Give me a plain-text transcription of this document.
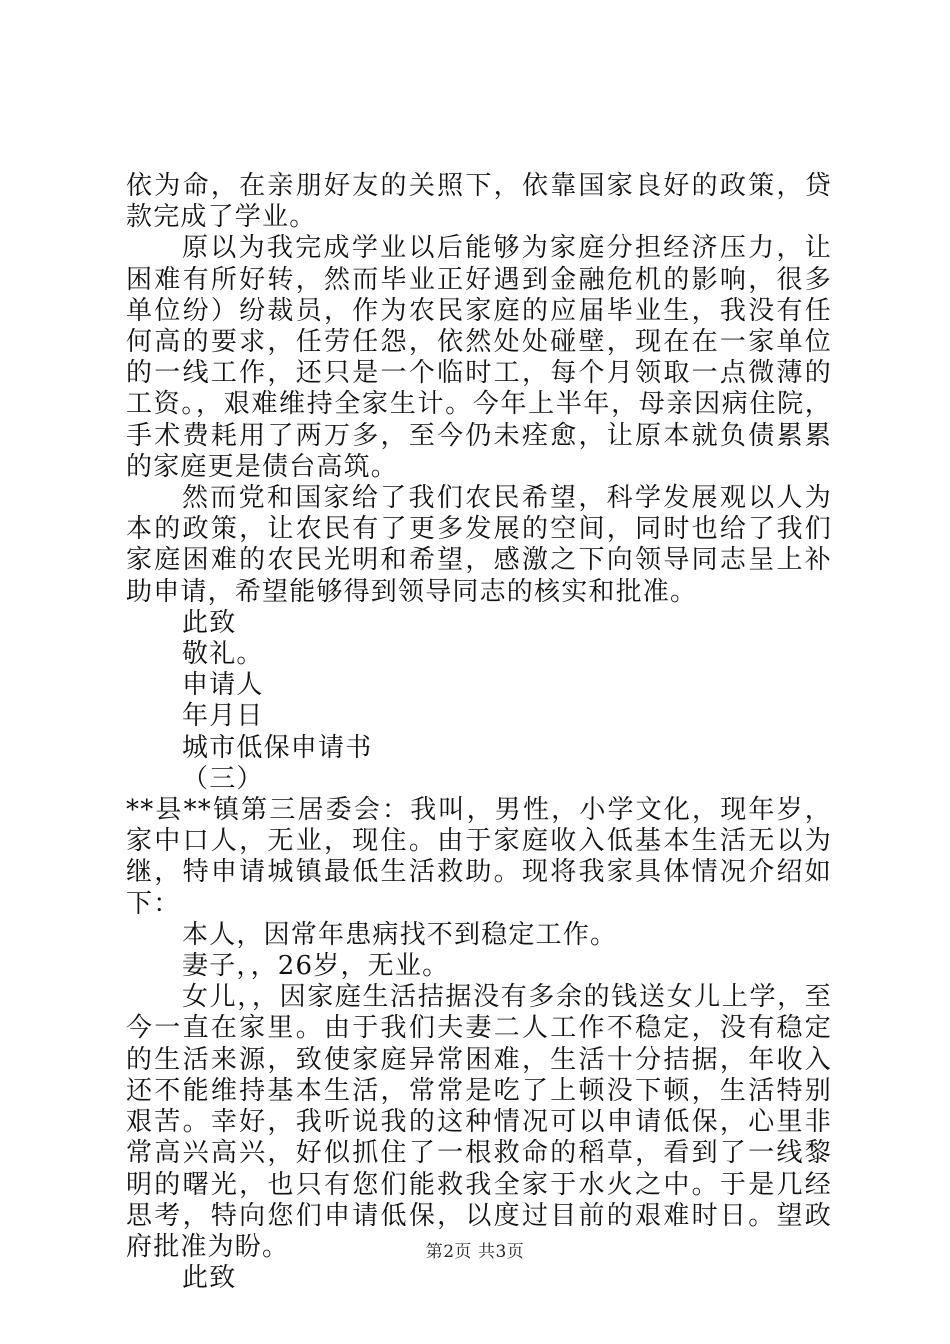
依为命，在亲朋好友的关照下，依靠国家良好的政策，贷款完成了学业。

原以为我完成学业以后能够为家庭分担经济压力，让困难有所好转，然而毕业正好遇到金融危机的影响，很多单位纷）纷裁员，作为农民家庭的应届毕业生，我没有任何高的要求，任劳任怨，依然处处碰壁，现在在一家单位的一线工作，还只是一个临时工，每个月领取一点微薄的工资。，艰难维持全家生计。今年上半年，母亲因病住院，手术费耗用了两万多，至今仍未痊愈，让原本就负债累累的家庭更是债台高筑。

然而党和国家给了我们农民希望，科学发展观以人为本的政策，让农民有了更多发展的空间，同时也给了我们家庭困难的农民光明和希望，感激之下向领导同志呈上补助申请，希望能够得到领导同志的核实和批准。

此致

敬礼。

申请人

年月日

城市低保申请书

（三）

**县**镇第三居委会：我叫，男性，小学文化，现年岁，家中口人，无业，现住。由于家庭收入低基本生活无以为继，特申请城镇最低生活救助。现将我家具体情况介绍如下：

本人，因常年患病找不到稳定工作。

妻子，，26岁，无业。

女儿，，因家庭生活拮据没有多余的钱送女儿上学，至今一直在家里。由于我们夫妻二人工作不稳定，没有稳定的生活来源，致使家庭异常困难，生活十分拮据，年收入还不能维持基本生活，常常是吃了上顿没下顿，生活特别艰苦。幸好，我听说我的这种情况可以申请低保，心里非常高兴高兴，好似抓住了一根救命的稻草，看到了一线黎明的曙光，也只有您们能救我全家于水火之中。于是几经思考，特向您们申请低保，以度过目前的艰难时日。望政府批准为盼。

此致

第2页 共3页
